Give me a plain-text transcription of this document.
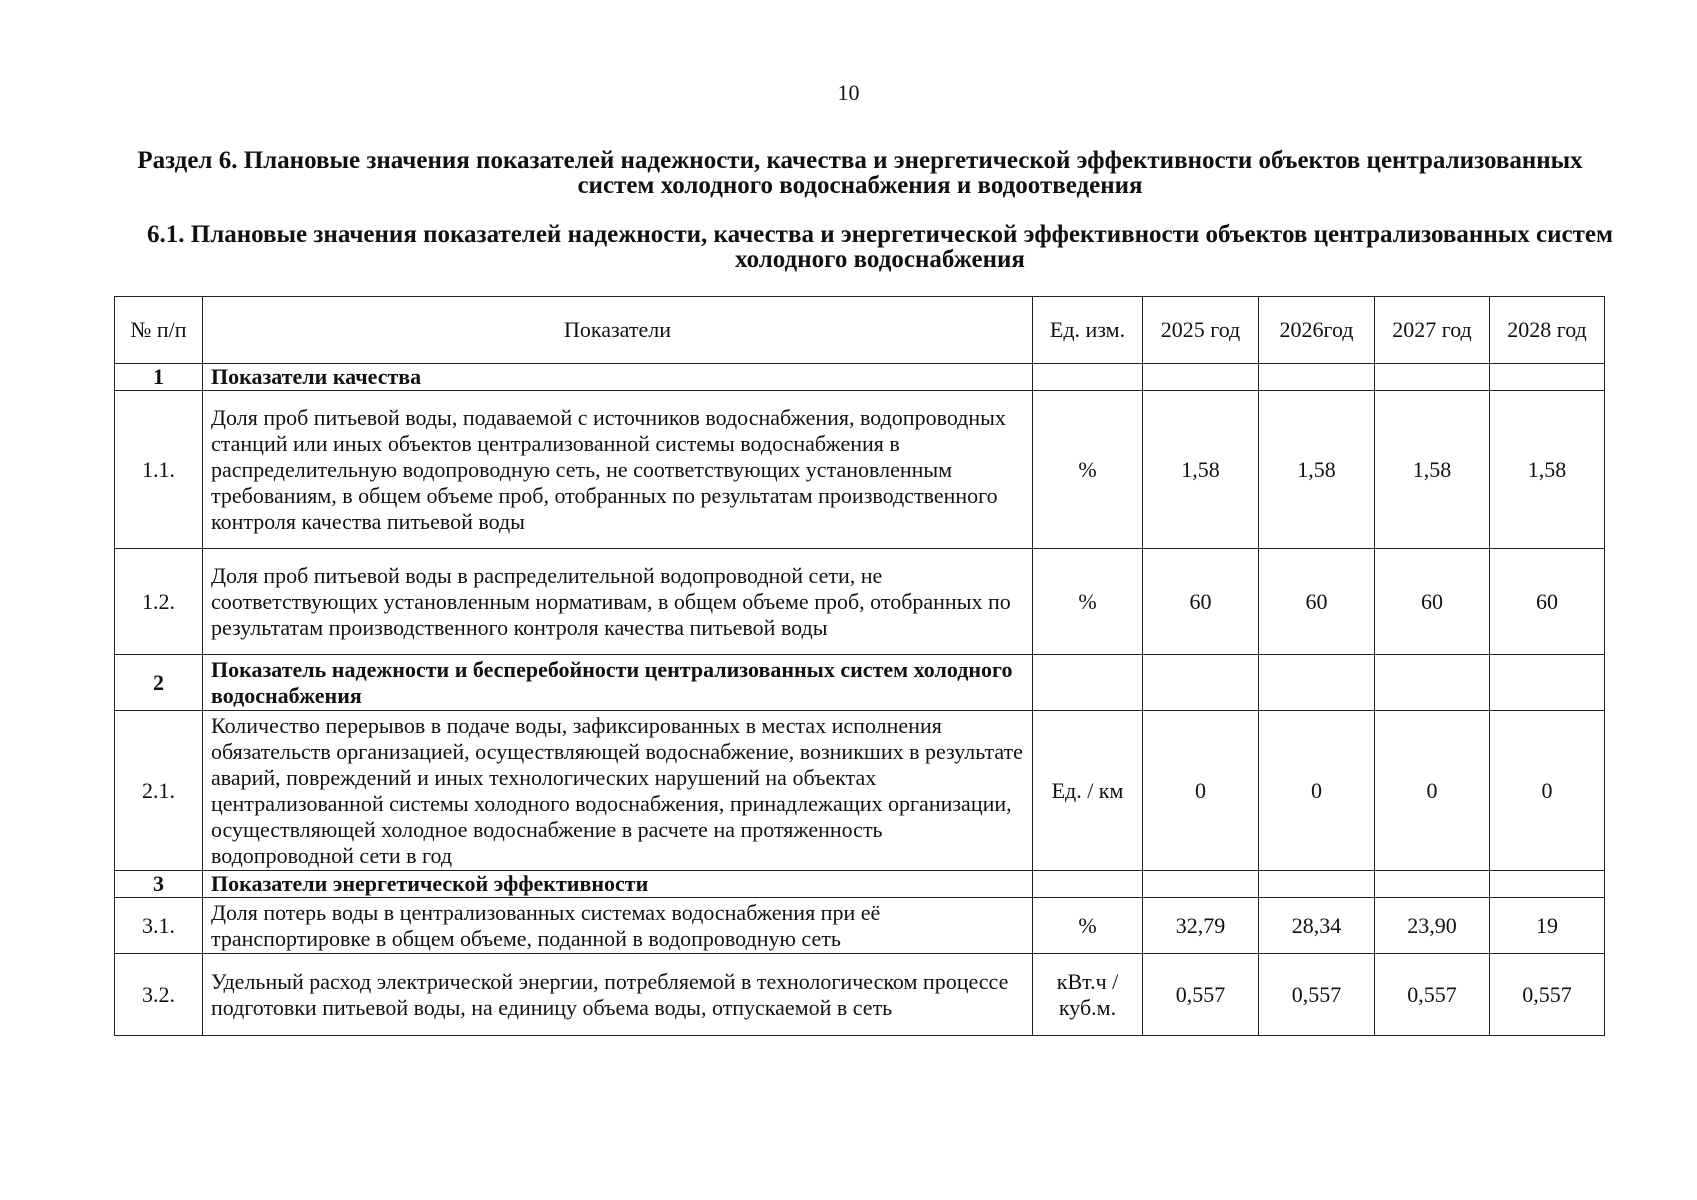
10
Раздел 6. Плановые значения показателей надежности, качества и энергетической эффективности объектов централизованных систем холодного водоснабжения и водоотведения
6.1. Плановые значения показателей надежности, качества и энергетической эффективности объектов централизованных систем холодного водоснабжения
№ п/п	Показатели	Ед. изм.	2025 год	2026год	2027 год	2028 год
1	Показатели качества					
1.1.	Доля проб питьевой воды, подаваемой с источников водоснабжения, водопроводных станций или иных объектов централизованной системы водоснабжения в распределительную водопроводную сеть, не соответствующих установленным требованиям, в общем объеме проб, отобранных по результатам производственного контроля качества питьевой воды	%	1,58	1,58	1,58	1,58
1.2.	Доля проб питьевой воды в распределительной водопроводной сети, не соответствующих установленным нормативам, в общем объеме проб, отобранных по результатам производственного контроля качества питьевой воды	%	60	60	60	60
2	Показатель надежности и бесперебойности централизованных систем холодного водоснабжения					
2.1.	Количество перерывов в подаче воды, зафиксированных в местах исполнения обязательств организацией, осуществляющей водоснабжение, возникших в результате аварий, повреждений и иных технологических нарушений на объектах централизованной системы холодного водоснабжения, принадлежащих организации, осуществляющей холодное водоснабжение в расчете на протяженность водопроводной сети в год	Ед. / км	0	0	0	0
3	Показатели энергетической эффективности					
3.1.	Доля потерь воды в централизованных системах водоснабжения при её транспортировке в общем объеме, поданной в водопроводную сеть	%	32,79	28,34	23,90	19
3.2.	Удельный расход электрической энергии, потребляемой в технологическом процессе подготовки питьевой воды, на единицу объема воды, отпускаемой в сеть	кВт.ч / куб.м.	0,557	0,557	0,557	0,557
